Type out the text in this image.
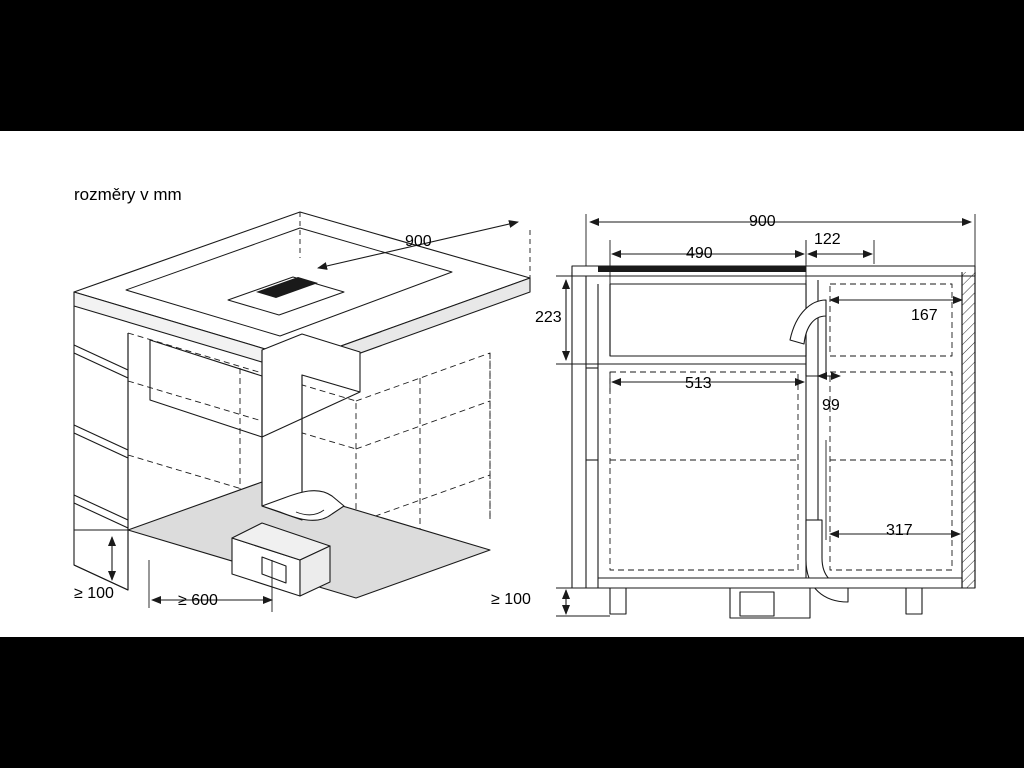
rozměry v mm
900
≥ 100	≥ 600
900
490
122
223	167
513
99
317
≥ 100
